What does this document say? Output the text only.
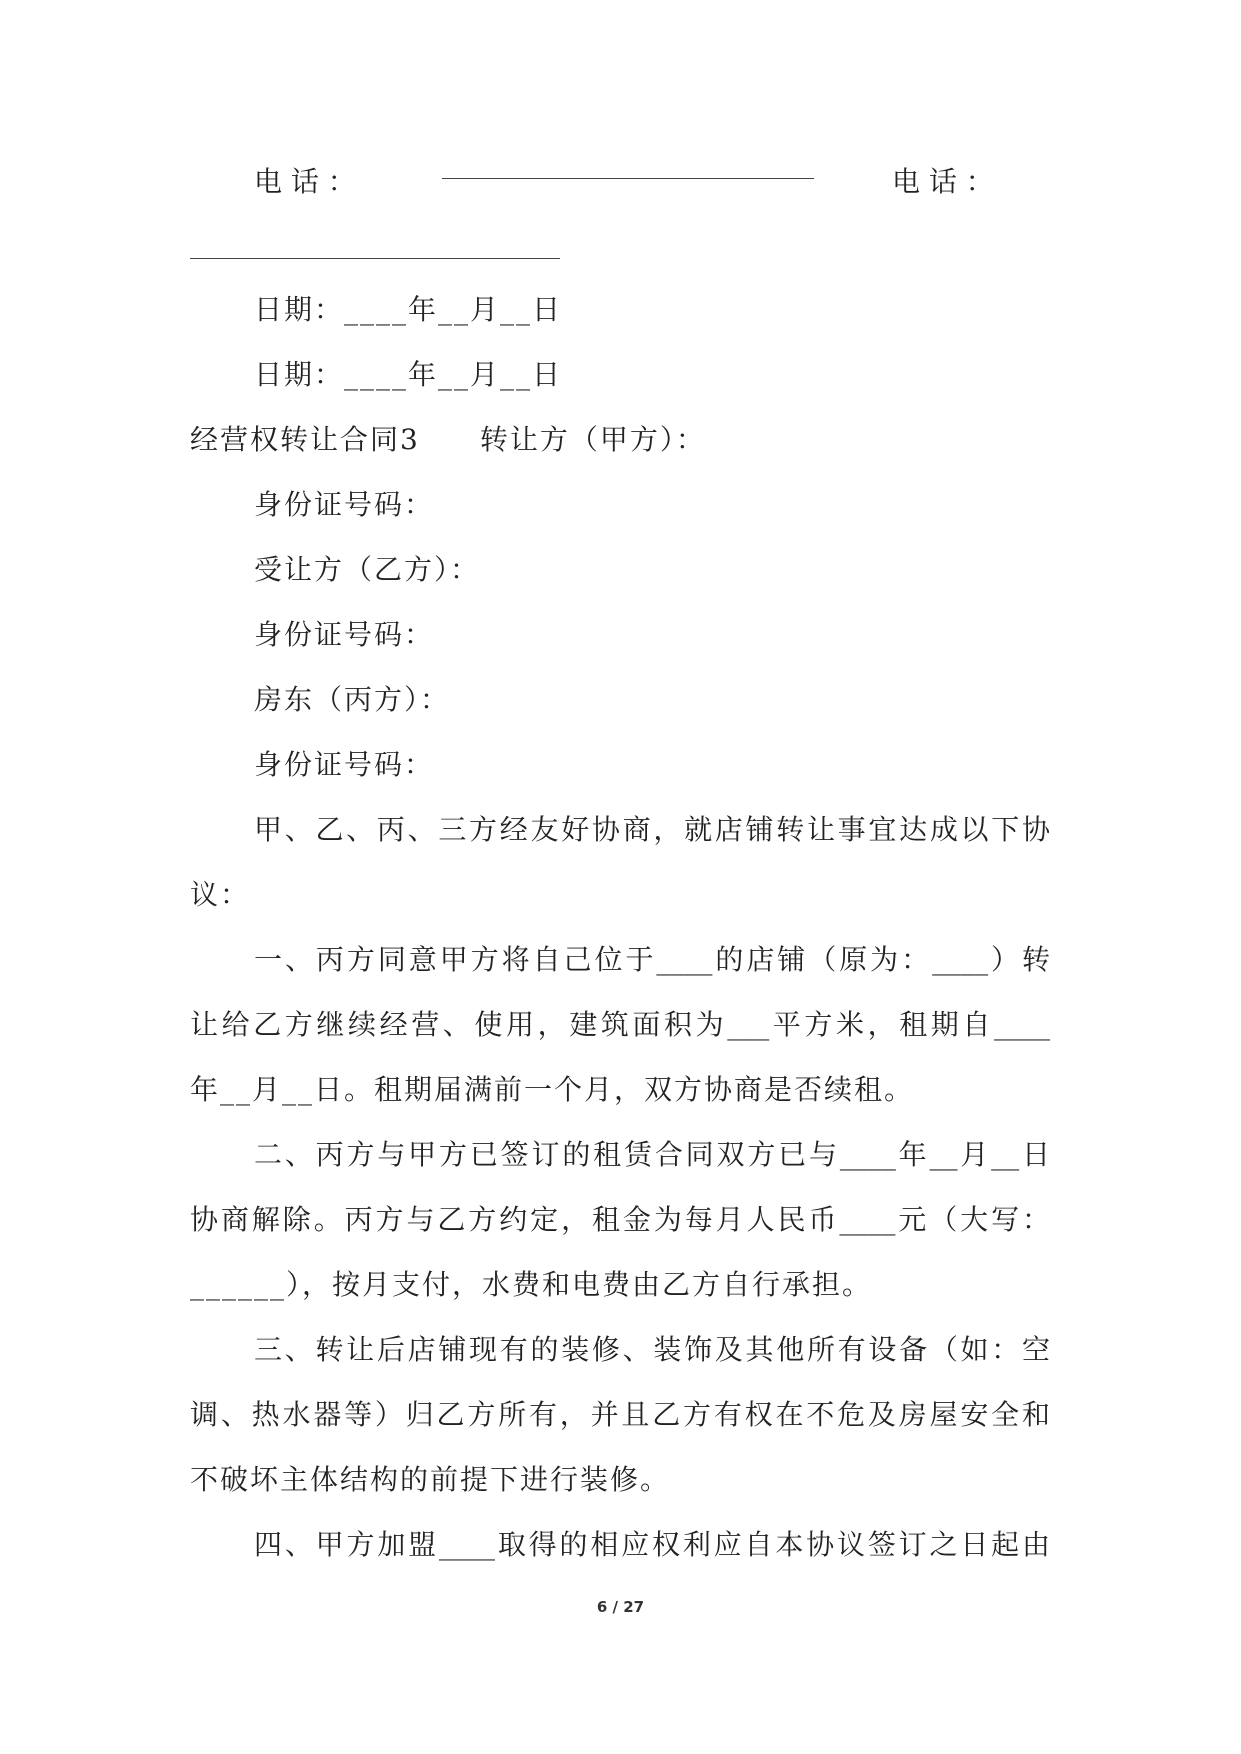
电 话 ：	电 话 ：
日期：____年__月__日
日期：____年__月__日
经营权转让合同3 转让方（甲方）：
身份证号码：
受让方（乙方）：
身份证号码：
房东（丙方）：
身份证号码：
甲、乙、丙、三方经友好协商，就店铺转让事宜达成以下协
议：
一、丙方同意甲方将自己位于____的店铺（原为：____）转
让给乙方继续经营、使用，建筑面积为___平方米，租期自____
年__月__日。租期届满前一个月，双方协商是否续租。
二、丙方与甲方已签订的租赁合同双方已与____年__月__日
协商解除。丙方与乙方约定，租金为每月人民币____元（大写：
______），按月支付，水费和电费由乙方自行承担。
三、转让后店铺现有的装修、装饰及其他所有设备（如：空
调、热水器等）归乙方所有，并且乙方有权在不危及房屋安全和
不破坏主体结构的前提下进行装修。
四、甲方加盟____取得的相应权利应自本协议签订之日起由
6 / 27
